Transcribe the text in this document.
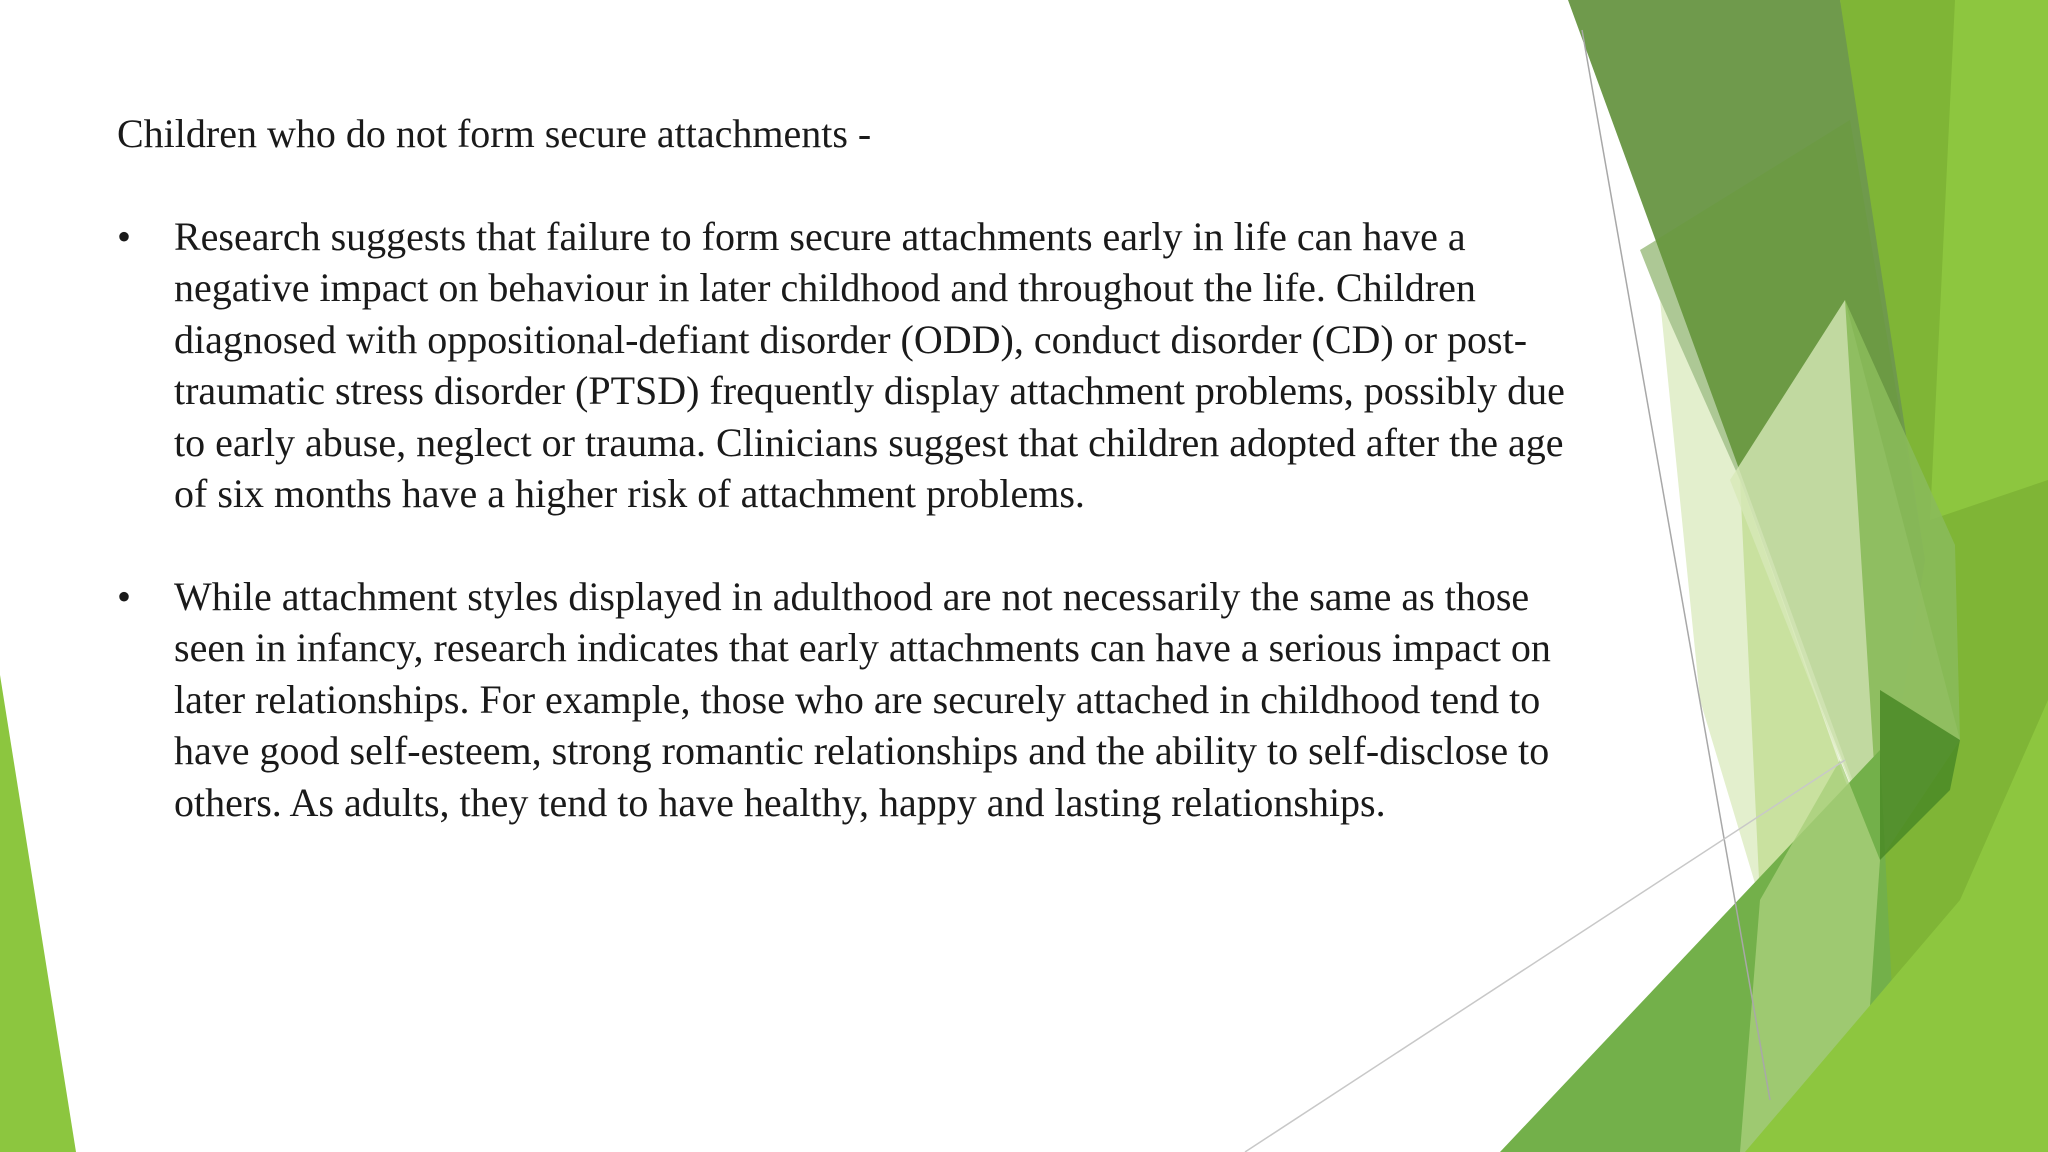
Children who do not form secure attachments -

•	Research suggests that failure to form secure attachments early in life can have a negative impact on behaviour in later childhood and throughout the life. Children diagnosed with oppositional-defiant disorder (ODD), conduct disorder (CD) or post-traumatic stress disorder (PTSD) frequently display attachment problems, possibly due to early abuse, neglect or trauma. Clinicians suggest that children adopted after the age of six months have a higher risk of attachment problems.
•	While attachment styles displayed in adulthood are not necessarily the same as those seen in infancy, research indicates that early attachments can have a serious impact on later relationships. For example, those who are securely attached in childhood tend to have good self-esteem, strong romantic relationships and the ability to self-disclose to others. As adults, they tend to have healthy, happy and lasting relationships.
